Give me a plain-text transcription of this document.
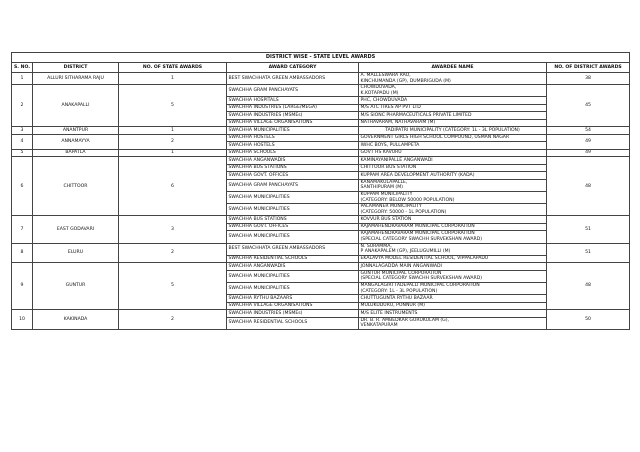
DISTRICT WISE - STATE LEVEL AWARDS					
S. NO.	DISTRICT	NO. OF STATE AWARDS	AWARD CATEGORY	AWARDEE NAME	NO. OF DISTRICT AWARDS
1	ALLURI SITHARAMA RAJU	1	BEST SWACHHATA GREEN AMBASSADORS	A. MALLESWARA RAO,
KINCHUMANDA (GP), DUMBRIGUDA (M)	38
2	ANAKAPALLI	5	SWACHHA GRAM PANCHAYATS	CHOWDUVADA,
K.KOTAPADU (M)	45
			SWACHHA HOSPITALS	PHC, CHOWDUVADA	

			SWACHHA INDUSTRIES (LARGE/MEGA)	M/S ATC TIRES AP PVT LTD	

			SWACHHA INDUSTRIES (MSMEs)	M/S SIONC PHARMACEUTICALS PRIVATE LIMITED	

			SWACHHA VILLAGE ORGANISATIONS	NATHAVARAM, NATHAVARAM (M)	

3	ANANTPUR	1	SWACHHA MUNICIPALITIES	TADIPATRI MUNICIPALITY (CATEGORY: 1L - 3L POPULATION)	54
4	ANNAMAYYA	2	SWACHHA HOSTELS	GOVERNMENT GIRLS HIGH SCHOOL COMPOUND, USMAN NAGAR	49
			SWACHHA HOSTELS	IWHC BOYS, PULLAMPETA	

5	BAPATLA	1	SWACHHA SCHOOLS	GOVT HS KAVURU	49
6	CHITTOOR	6	SWACHHA ANGANWADIS	KAMINAYANIPALLE ANGANWADI	48
			SWACHHA BUS STATIONS	CHITTOOR BUS STATION	

			SWACHHA GOVT. OFFICES	KUPPAM AREA DEVELOPMENT AUTHORITY (KADA)	

			SWACHHA GRAM PANCHAYATS	KANAMAKULAPALLE,
SANTHIPURAM (M)	

			SWACHHA MUNICIPALITIES	KUPPAM MUNICIPALITY
(CATEGORY: BELOW 50000 POPULATION)	

			SWACHHA MUNICIPALITIES	PALAMANER MUNICIPALITY
(CATEGORY: 50000 - 1L POPULATION)	

7	EAST GODAVARI	3	SWACHHA BUS STATIONS	KOVVUR BUS STATION	51
			SWACHHA GOVT. OFFICES	RAJAMAHENDRAVARAM MUNICIPAL CORPORATION	

			SWACHHA MUNICIPALITIES	RAJAMAHENDRAVARAM MUNICIPAL CORPORATION
(SPECIAL CATEGORY SWACHH SURVEKSHAN AWARD)	

8	ELURU	2	BEST SWACHHATA GREEN AMBASSADORS	N. SURAMMA,
P ANAKAPALEM (GP), JEELUGUMILLI (M)	51
			SWACHHA RESIDENTIAL SCHOOLS	EKALAVYA MODEL RESIDENTIAL SCHOOL, VIPPALAPADU	

9	GUNTUR	5	SWACHHA ANGANWADIS	JONNALAGADDA MAIN ANGANWADI	48
			SWACHHA MUNICIPALITIES	GUNTUR MUNICIPAL CORPORATION
(SPECIAL CATEGORY SWACHH SURVEKSHAN AWARD)	

			SWACHHA MUNICIPALITIES	MANGALAGIRI TADEPALLI MUNICIPAL CORPORATION
(CATEGORY: 1L - 3L POPULATION)	

			SWACHHA RYTHU BAZAARS	CHUTTUGUNTA RYTHU BAZAAR	

			SWACHHA VILLAGE ORGANISATIONS	MULUKUDURU, PONNUR (M)	

10	KAKINADA	2	SWACHHA INDUSTRIES (MSMEs)	M/S ELITE INSTRUMENTS	50
			SWACHHA RESIDENTIAL SCHOOLS	DR. B. R. AMBEDKAR GURUKULAM (G),
VENKATAPURAM	
